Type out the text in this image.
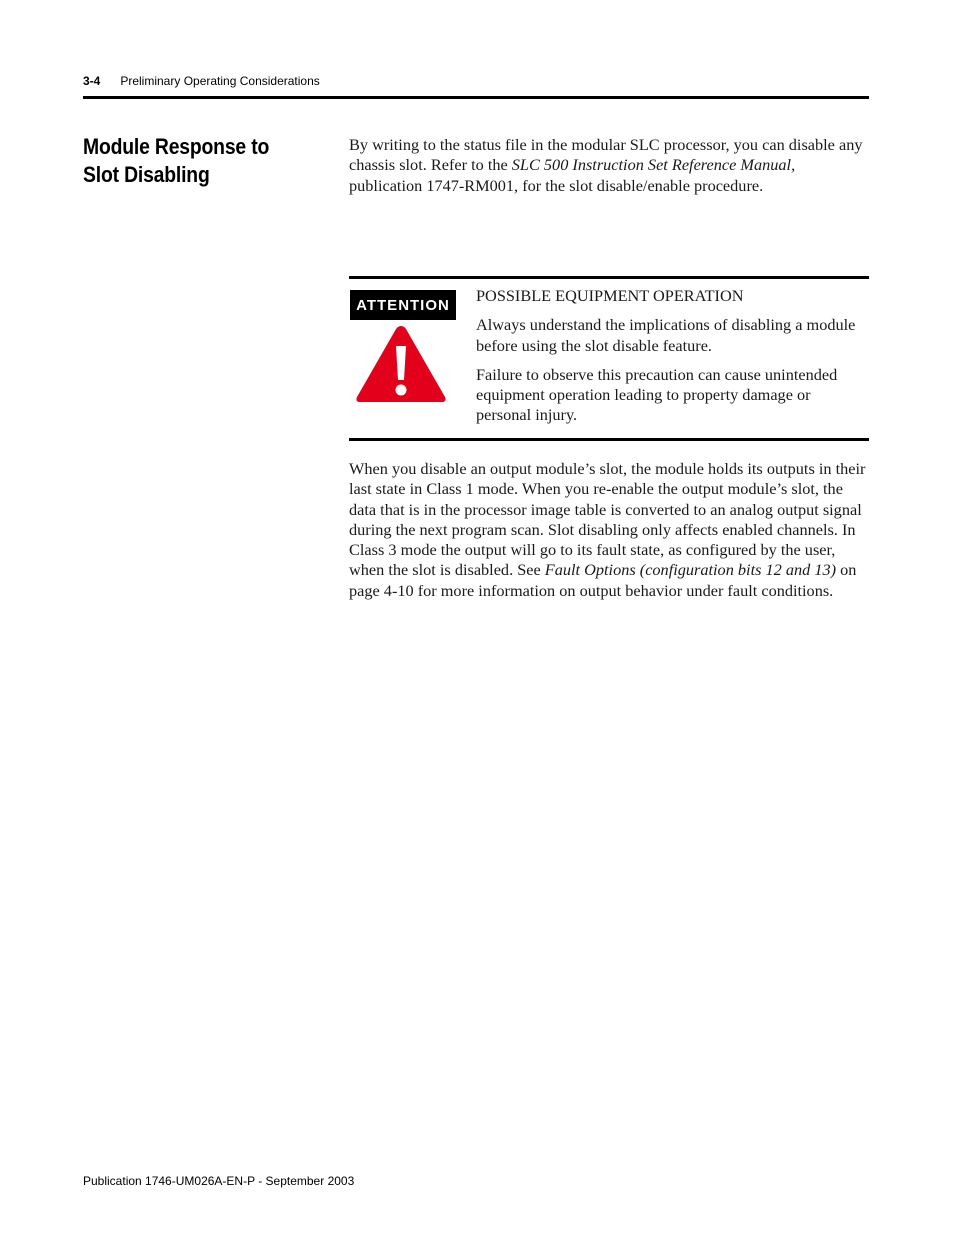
3-4 Preliminary Operating Considerations
Module Response to Slot Disabling

By writing to the status file in the modular SLC processor, you can disable any chassis slot. Refer to the SLC 500 Instruction Set Reference Manual, publication 1747-RM001, for the slot disable/enable procedure.

ATTENTION	POSSIBLE EQUIPMENT OPERATION

Always understand the implications of disabling a module before using the slot disable feature.

Failure to observe this precaution can cause unintended equipment operation leading to property damage or personal injury.

When you disable an output module’s slot, the module holds its outputs in their last state in Class 1 mode. When you re-enable the output module’s slot, the data that is in the processor image table is converted to an analog output signal during the next program scan. Slot disabling only affects enabled channels. In Class 3 mode the output will go to its fault state, as configured by the user, when the slot is disabled. See Fault Options (configuration bits 12 and 13) on page 4-10 for more information on output behavior under fault conditions.

Publication 1746-UM026A-EN-P - September 2003
